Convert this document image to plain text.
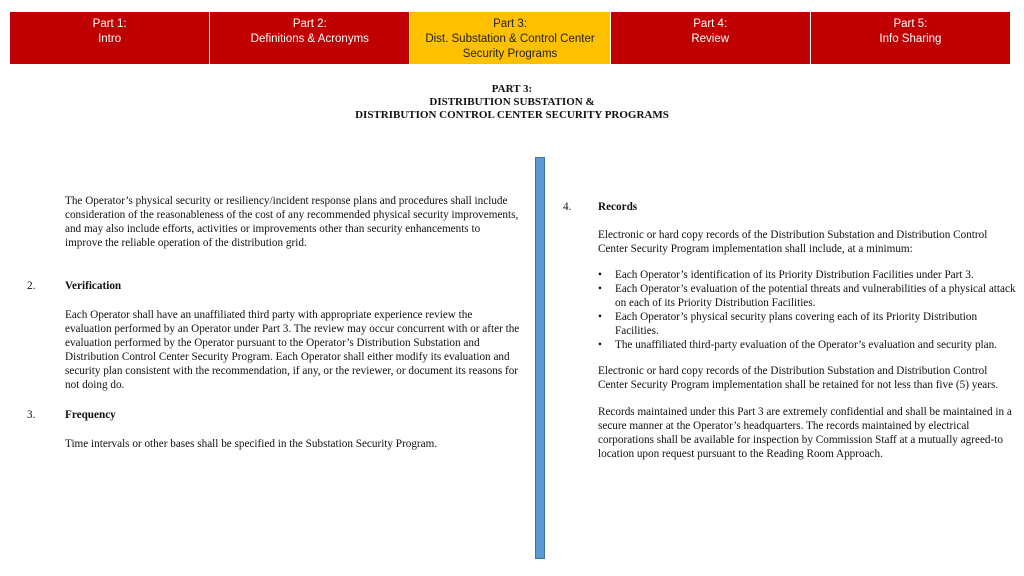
Part 1:
Intro
Part 2:
Definitions & Acronyms
Part 3:
Dist. Substation & Control Center
Security Programs
Part 4:
Review
Part 5:
Info Sharing
PART 3:
DISTRIBUTION SUBSTATION &
DISTRIBUTION CONTROL CENTER SECURITY PROGRAMS

The Operator’s physical security or resiliency/incident response plans and procedures shall include consideration of the reasonableness of the cost of any recommended physical security improvements, and may also include efforts, activities or improvements other than security enhancements to improve the reliable operation of the distribution grid.

2.	Verification

Each Operator shall have an unaffiliated third party with appropriate experience review the evaluation performed by an Operator under Part 3. The review may occur concurrent with or after the evaluation performed by the Operator pursuant to the Operator’s Distribution Substation and Distribution Control Center Security Program. Each Operator shall either modify its evaluation and security plan consistent with the recommendation, if any, or the reviewer, or document its reasons for not doing do.

3.	Frequency

Time intervals or other bases shall be specified in the Substation Security Program.

4. Records

Electronic or hard copy records of the Distribution Substation and Distribution Control Center Security Program implementation shall include, at a minimum:

• Each Operator’s identification of its Priority Distribution Facilities under Part 3.
• Each Operator’s evaluation of the potential threats and vulnerabilities of a physical attack on each of its Priority Distribution Facilities.
• Each Operator’s physical security plans covering each of its Priority Distribution Facilities.
• The unaffiliated third-party evaluation of the Operator’s evaluation and security plan.

Electronic or hard copy records of the Distribution Substation and Distribution Control Center Security Program implementation shall be retained for not less than five (5) years.

Records maintained under this Part 3 are extremely confidential and shall be maintained in a secure manner at the Operator’s headquarters. The records maintained by electrical corporations shall be available for inspection by Commission Staff at a mutually agreed-to location upon request pursuant to the Reading Room Approach.
